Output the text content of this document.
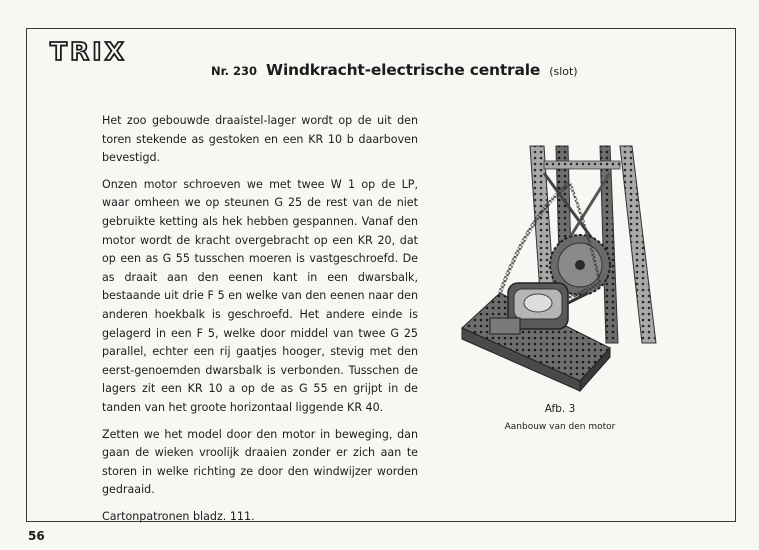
TRIX
Nr. 230 Windkracht-electrische centrale (slot)

Het zoo gebouwde draaistel-lager wordt op de uit den toren stekende as gestoken en een KR 10 b daarboven bevestigd.

Onzen motor schroeven we met twee W 1 op de LP, waar omheen we op steunen G 25 de rest van de niet gebruikte ketting als hek hebben gespannen. Vanaf den motor wordt de kracht overgebracht op een KR 20, dat op een as G 55 tusschen moeren is vastgeschroefd. De as draait aan den eenen kant in een dwarsbalk, bestaande uit drie F 5 en welke van den eenen naar den anderen hoekbalk is geschroefd. Het andere einde is gelagerd in een F 5, welke door middel van twee G 25 parallel, echter een rij gaatjes hooger, stevig met den eerst-genoemden dwarsbalk is verbonden. Tusschen de lagers zit een KR 10 a op de as G 55 en grijpt in de tanden van het groote horizontaal liggende KR 40.

Zetten we het model door den motor in beweging, dan gaan de wieken vroolijk draaien zonder er zich aan te storen in welke richting ze door den windwijzer worden gedraaid.

Cartonpatronen bladz. 111.

Afb. 3
Aanbouw van den motor
56
